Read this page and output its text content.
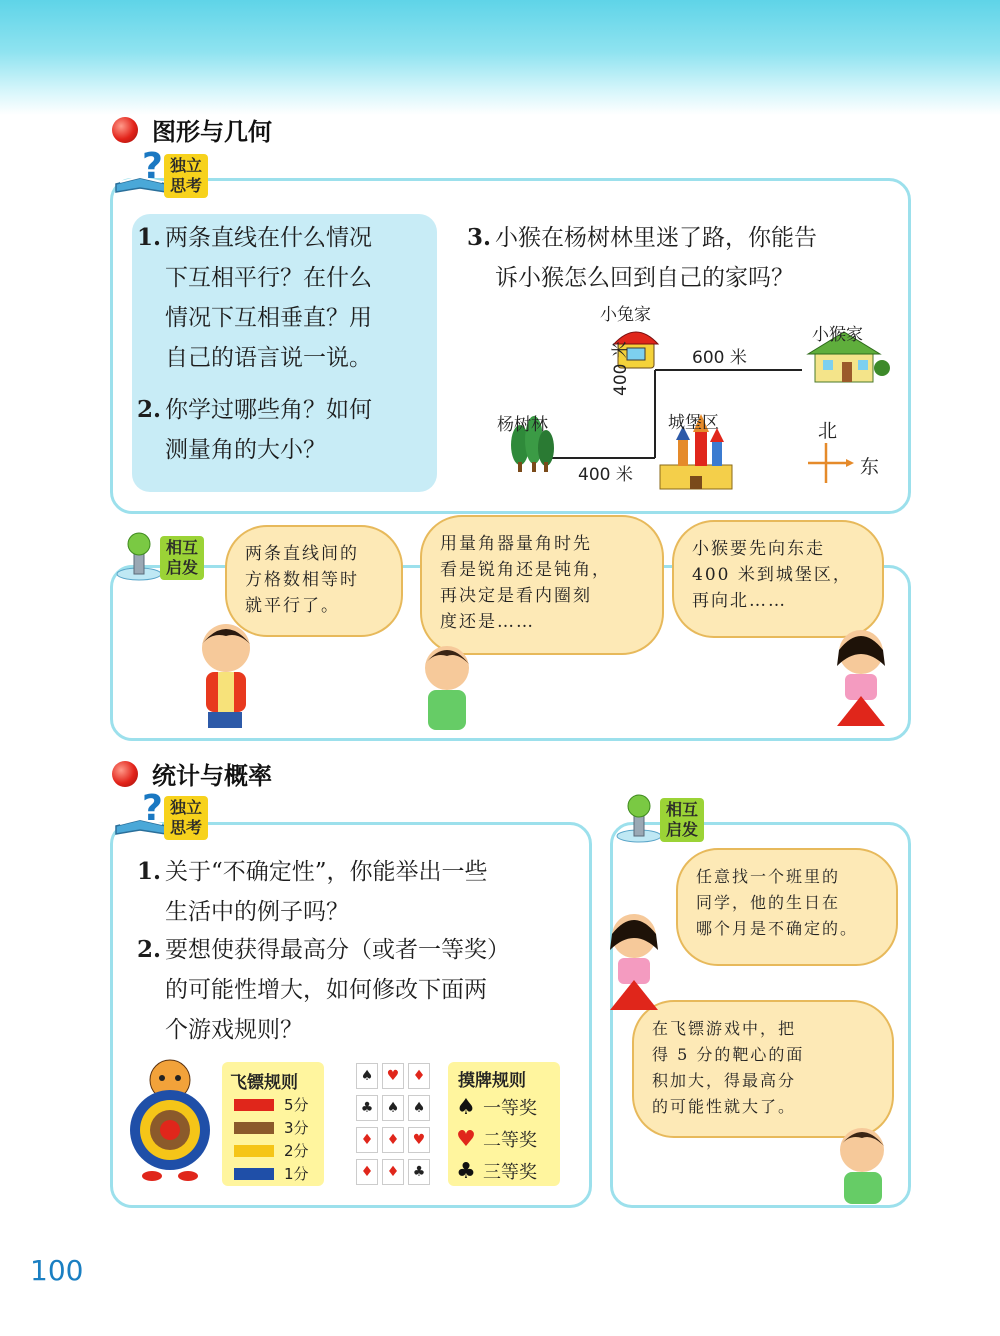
图形与几何
? 独立
思考
1. 两条直线在什么情况
下互相平行？在什么
情况下互相垂直？用
自己的语言说一说。
2. 你学过哪些角？如何
测量角的大小？
3. 小猴在杨树林里迷了路，你能告
诉小猴怎么回到自己的家吗？
小兔家
小猴家
杨树林	城堡区
600 米
400 米
400 米
北
东
相互
启发
两条直线间的
方格数相等时
就平行了。
用量角器量角时先
看是锐角还是钝角，
再决定是看内圈刻
度还是……
小猴要先向东走
400 米到城堡区，
再向北……
统计与概率
? 独立
思考
1. 关于“不确定性”，你能举出一些
生活中的例子吗？
2. 要想使获得最高分（或者一等奖）
的可能性增大，如何修改下面两
个游戏规则？
飞镖规则
5分
3分
2分
1分
♠ ♥ ♦
♣ ♠ ♠
♦ ♦ ♥
♦ ♦ ♣
摸牌规则
♠ 一等奖
♥ 二等奖
♣ 三等奖
相互
启发
任意找一个班里的
同学，他的生日在
哪个月是不确定的。
在飞镖游戏中，把
得 5 分的靶心的面
积加大，得最高分
的可能性就大了。
100
